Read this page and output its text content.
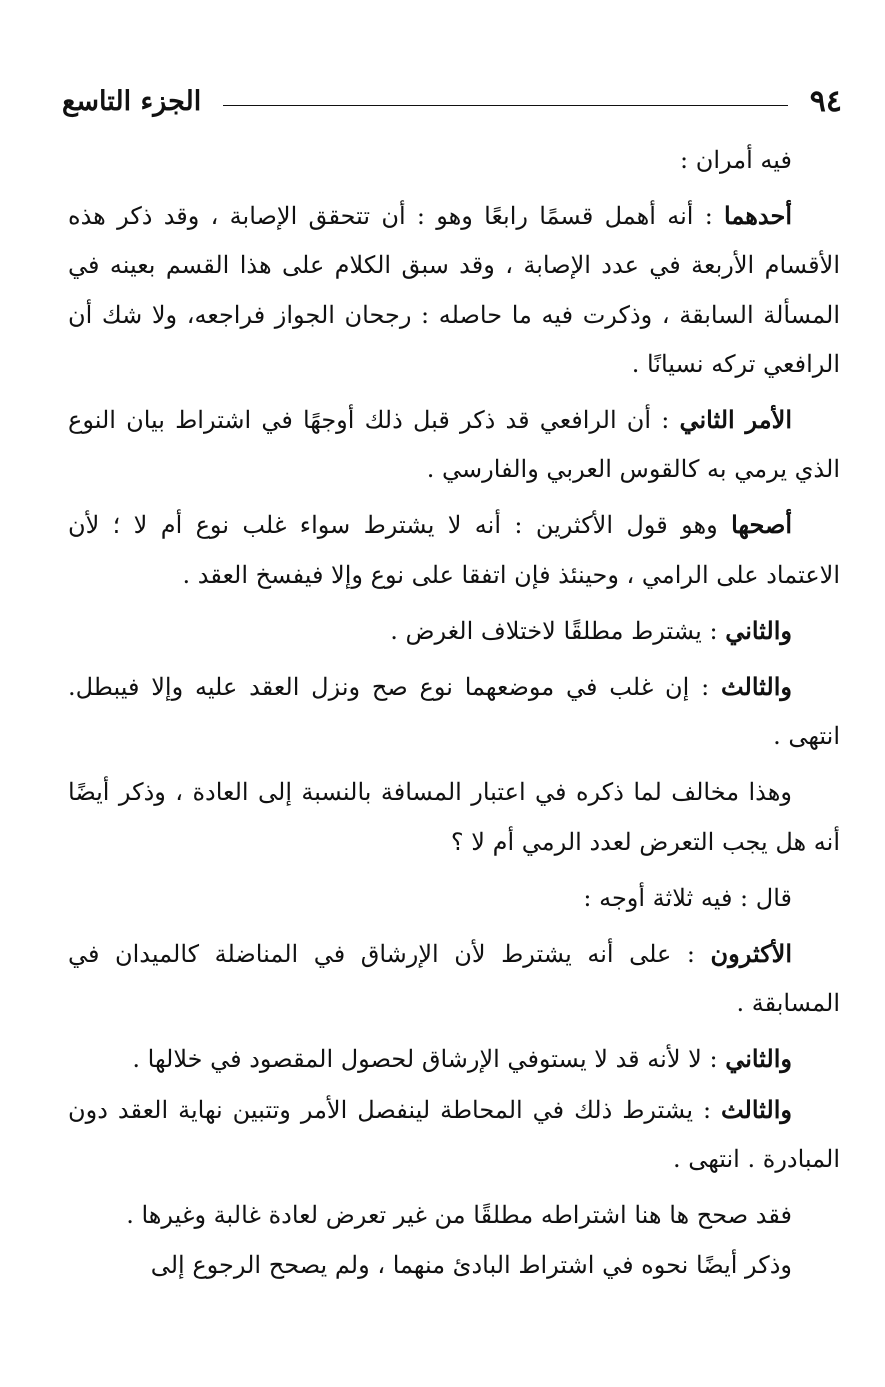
٩٤
الجزء التاسع

فيه أمران :

أحدهما : أنه أهمل قسمًا رابعًا وهو : أن تتحقق الإصابة ، وقد ذكر هذه الأقسام الأربعة في عدد الإصابة ، وقد سبق الكلام على هذا القسم بعينه في المسألة السابقة ، وذكرت فيه ما حاصله : رجحان الجواز فراجعه، ولا شك أن الرافعي تركه نسيانًا .

الأمر الثاني : أن الرافعي قد ذكر قبل ذلك أوجهًا في اشتراط بيان النوع الذي يرمي به كالقوس العربي والفارسي .

أصحها وهو قول الأكثرين : أنه لا يشترط سواء غلب نوع أم لا ؛ لأن الاعتماد على الرامي ، وحينئذ فإن اتفقا على نوع وإلا فيفسخ العقد .

والثاني : يشترط مطلقًا لاختلاف الغرض .

والثالث : إن غلب في موضعهما نوع صح ونزل العقد عليه وإلا فيبطل. انتهى .

وهذا مخالف لما ذكره في اعتبار المسافة بالنسبة إلى العادة ، وذكر أيضًا أنه هل يجب التعرض لعدد الرمي أم لا ؟

قال : فيه ثلاثة أوجه :

الأكثرون : على أنه يشترط لأن الإرشاق في المناضلة كالميدان في المسابقة .

والثاني : لا لأنه قد لا يستوفي الإرشاق لحصول المقصود في خلالها .

والثالث : يشترط ذلك في المحاطة لينفصل الأمر وتتبين نهاية العقد دون المبادرة . انتهى .

فقد صحح ها هنا اشتراطه مطلقًا من غير تعرض لعادة غالبة وغيرها .

وذكر أيضًا نحوه في اشتراط البادئ منهما ، ولم يصحح الرجوع إلى
